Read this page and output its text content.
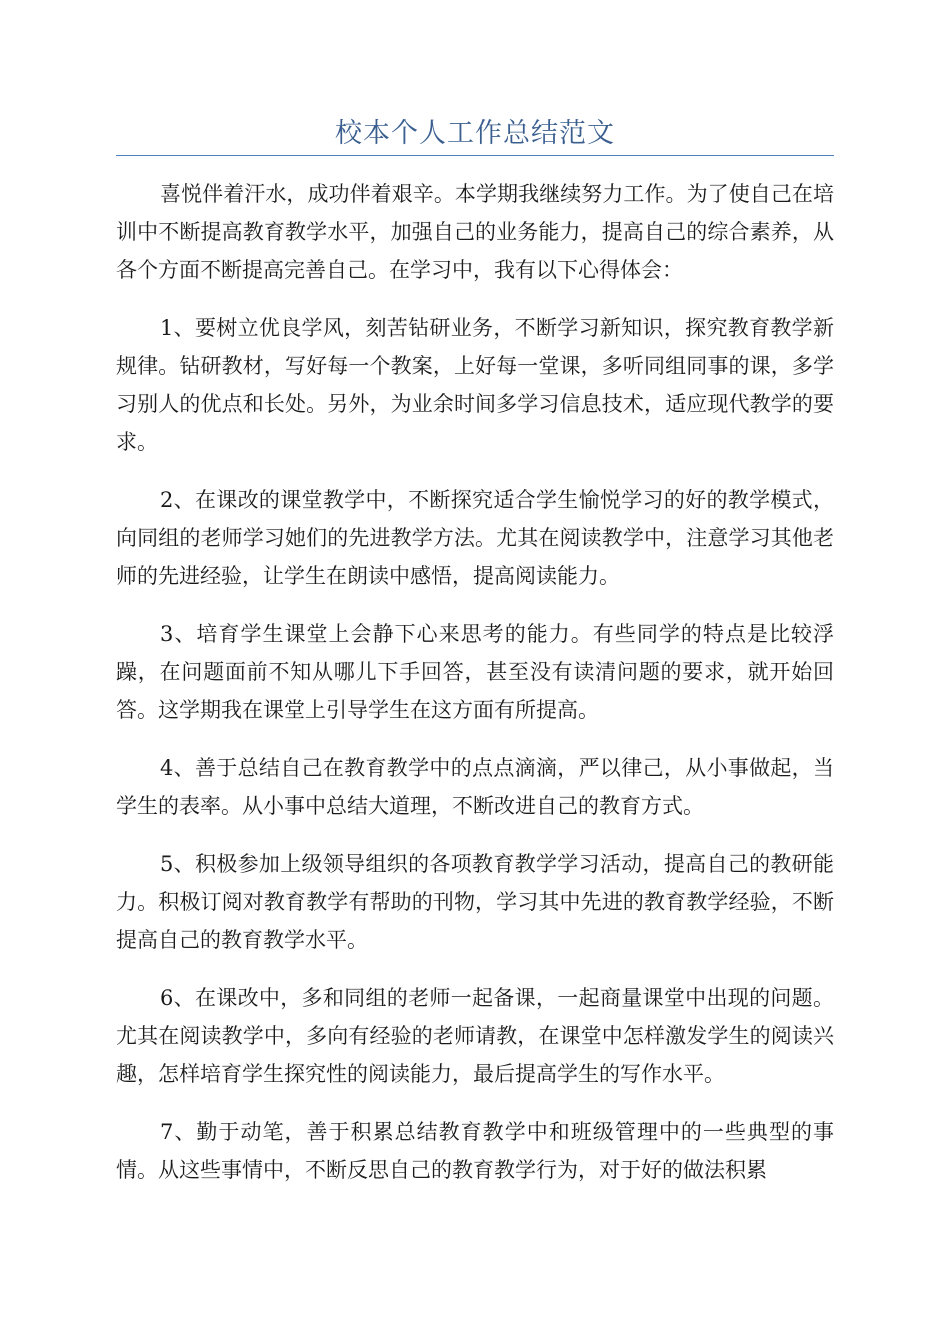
校本个人工作总结范文

喜悦伴着汗水，成功伴着艰辛。本学期我继续努力工作。为了使自己在培训中不断提高教育教学水平，加强自己的业务能力，提高自己的综合素养，从各个方面不断提高完善自己。在学习中，我有以下心得体会：

1、要树立优良学风，刻苦钻研业务，不断学习新知识，探究教育教学新规律。钻研教材，写好每一个教案，上好每一堂课，多听同组同事的课，多学习别人的优点和长处。另外，为业余时间多学习信息技术，适应现代教学的要求。

2、在课改的课堂教学中，不断探究适合学生愉悦学习的好的教学模式，向同组的老师学习她们的先进教学方法。尤其在阅读教学中，注意学习其他老师的先进经验，让学生在朗读中感悟，提高阅读能力。

3、培育学生课堂上会静下心来思考的能力。有些同学的特点是比较浮躁，在问题面前不知从哪儿下手回答，甚至没有读清问题的要求，就开始回答。这学期我在课堂上引导学生在这方面有所提高。

4、善于总结自己在教育教学中的点点滴滴，严以律己，从小事做起，当学生的表率。从小事中总结大道理，不断改进自己的教育方式。

5、积极参加上级领导组织的各项教育教学学习活动，提高自己的教研能力。积极订阅对教育教学有帮助的刊物，学习其中先进的教育教学经验，不断提高自己的教育教学水平。

6、在课改中，多和同组的老师一起备课，一起商量课堂中出现的问题。尤其在阅读教学中，多向有经验的老师请教，在课堂中怎样激发学生的阅读兴趣，怎样培育学生探究性的阅读能力，最后提高学生的写作水平。

7、勤于动笔，善于积累总结教育教学中和班级管理中的一些典型的事情。从这些事情中，不断反思自己的教育教学行为，对于好的做法积累
